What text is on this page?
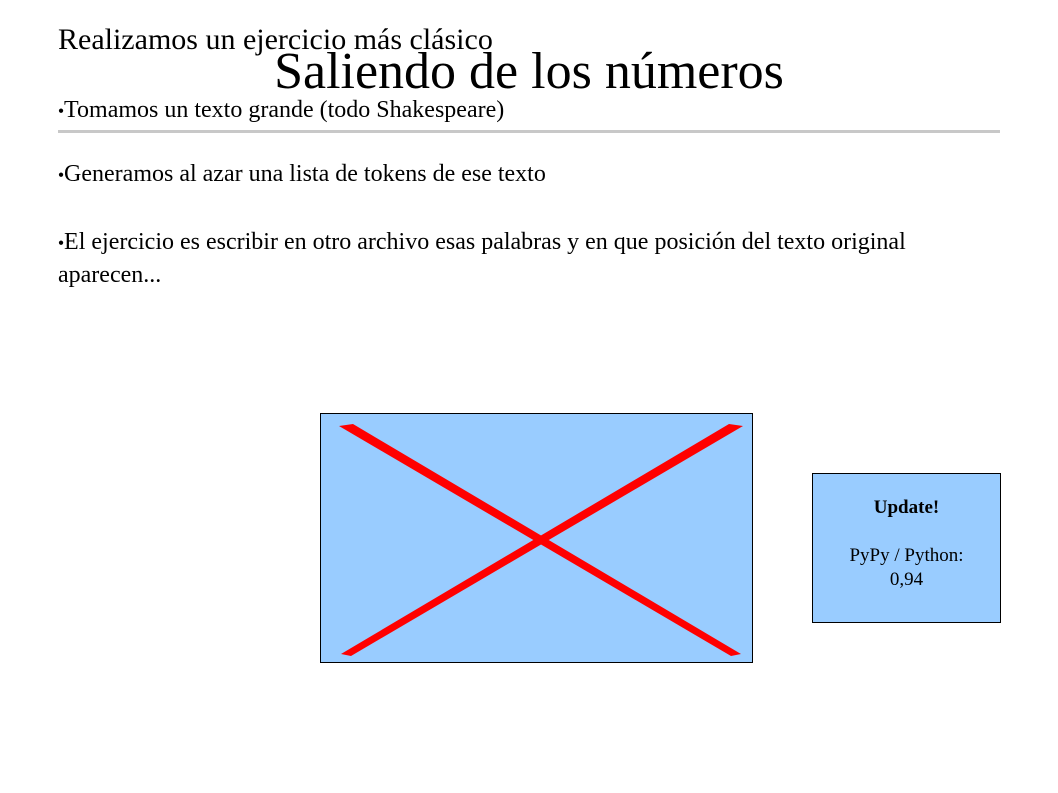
Saliendo de los números
Realizamos un ejercicio más clásico
●Tomamos un texto grande (todo Shakespeare)
●Generamos al azar una lista de tokens de ese texto
●El ejercicio es escribir en otro archivo esas palabras y en que posición del texto original aparecen...
Update!
PyPy / Python:
0,94
